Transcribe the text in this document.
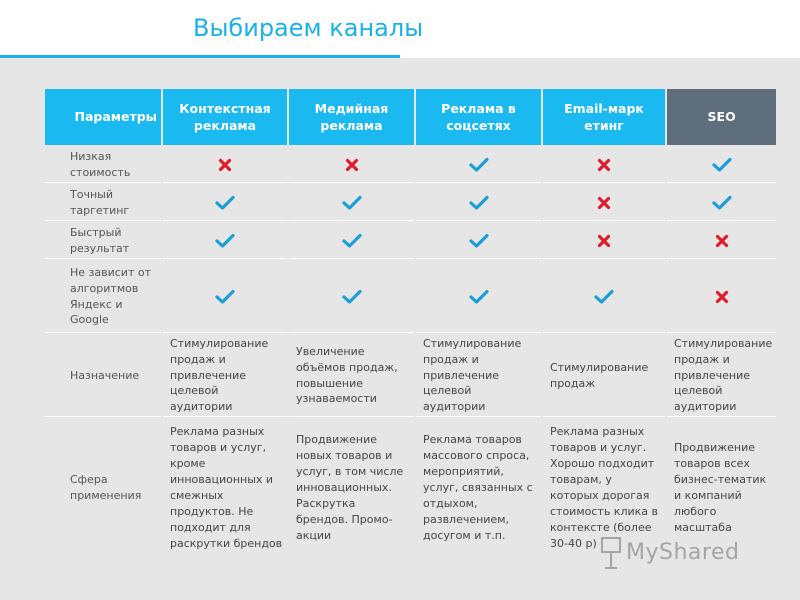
Выбираем каналы
Параметры	Контекстная реклама	Медийная реклама	Реклама в соцсетях	Email-маркетинг	SEO
Низкая стоимость					
Точный таргетинг					
Быстрый результат					
Не зависит от алгоритмов Яндекс и Google					
Назначение	Стимулирование продаж и привлечение целевой аудитории	Увеличение объёмов продаж, повышение узнаваемости	Стимулирование продаж и привлечение целевой аудитории	Стимулирование продаж	Стимулирование продаж и привлечение целевой аудитории
Сфера применения	Реклама разных товаров и услуг, кроме инновационных и смежных продуктов. Не подходит для раскрутки брендов	Продвижение новых товаров и услуг, в том числе инновационных. Раскрутка брендов. Промо-акции	Реклама товаров массового спроса, мероприятий, услуг, связанных с отдыхом, развлечением, досугом и т.п.	Реклама разных товаров и услуг. Хорошо подходит товарам, у которых дорогая стоимость клика в контексте (более 30-40 р)	Продвижение товаров всех бизнес-тематик и компаний любого масштаба
MyShared
